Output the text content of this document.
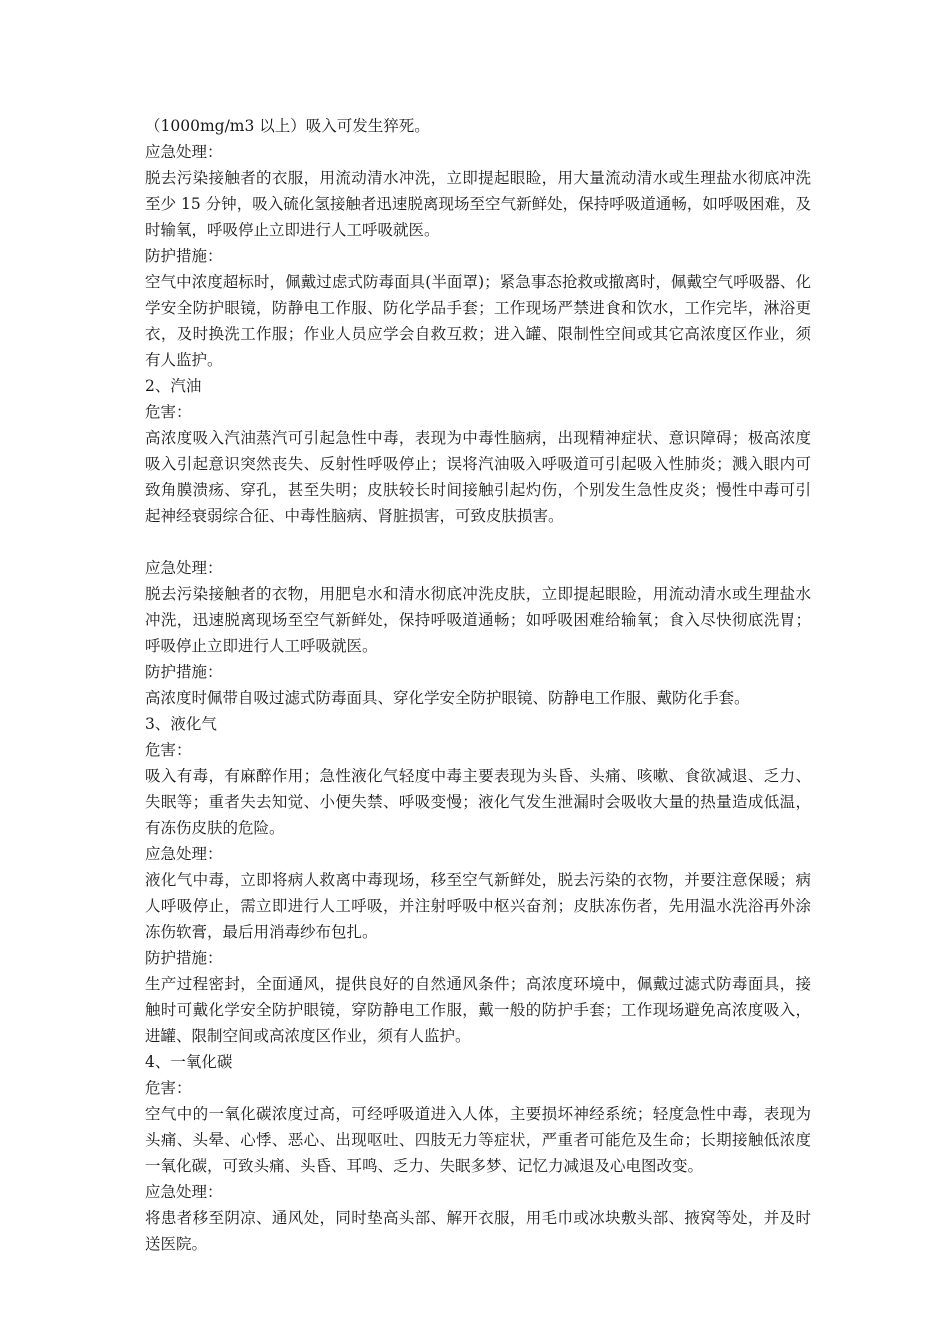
（1000mg/m3 以上）吸入可发生猝死。
应急处理：
脱去污染接触者的衣服，用流动清水冲洗，立即提起眼睑，用大量流动清水或生理盐水彻底冲洗至少 15 分钟，吸入硫化氢接触者迅速脱离现场至空气新鲜处，保持呼吸道通畅，如呼吸困难，及时输氧，呼吸停止立即进行人工呼吸就医。
防护措施：
空气中浓度超标时，佩戴过虑式防毒面具(半面罩)；紧急事态抢救或撤离时，佩戴空气呼吸器、化学安全防护眼镜，防静电工作服、防化学品手套；工作现场严禁进食和饮水，工作完毕，淋浴更衣，及时换洗工作服；作业人员应学会自救互救；进入罐、限制性空间或其它高浓度区作业，须有人监护。
2、汽油
危害：
高浓度吸入汽油蒸汽可引起急性中毒，表现为中毒性脑病，出现精神症状、意识障碍；极高浓度吸入引起意识突然丧失、反射性呼吸停止；误将汽油吸入呼吸道可引起吸入性肺炎；溅入眼内可致角膜溃疡、穿孔，甚至失明；皮肤较长时间接触引起灼伤，个别发生急性皮炎；慢性中毒可引起神经衰弱综合征、中毒性脑病、肾脏损害，可致皮肤损害。
应急处理：
脱去污染接触者的衣物，用肥皂水和清水彻底冲洗皮肤，立即提起眼睑，用流动清水或生理盐水冲洗，迅速脱离现场至空气新鲜处，保持呼吸道通畅；如呼吸困难给输氧；食入尽快彻底洗胃；呼吸停止立即进行人工呼吸就医。
防护措施：
高浓度时佩带自吸过滤式防毒面具、穿化学安全防护眼镜、防静电工作服、戴防化手套。
3、液化气
危害：
吸入有毒，有麻醉作用；急性液化气轻度中毒主要表现为头昏、头痛、咳嗽、食欲减退、乏力、失眠等；重者失去知觉、小便失禁、呼吸变慢；液化气发生泄漏时会吸收大量的热量造成低温，有冻伤皮肤的危险。
应急处理：
液化气中毒，立即将病人救离中毒现场，移至空气新鲜处，脱去污染的衣物，并要注意保暖；病人呼吸停止，需立即进行人工呼吸，并注射呼吸中枢兴奋剂；皮肤冻伤者，先用温水洗浴再外涂冻伤软膏，最后用消毒纱布包扎。
防护措施：
生产过程密封，全面通风，提供良好的自然通风条件；高浓度环境中，佩戴过滤式防毒面具，接触时可戴化学安全防护眼镜，穿防静电工作服，戴一般的防护手套；工作现场避免高浓度吸入，进罐、限制空间或高浓度区作业，须有人监护。
4、一氧化碳
危害：
空气中的一氧化碳浓度过高，可经呼吸道进入人体，主要损坏神经系统；轻度急性中毒，表现为头痛、头晕、心悸、恶心、出现呕吐、四肢无力等症状，严重者可能危及生命；长期接触低浓度一氧化碳，可致头痛、头昏、耳鸣、乏力、失眠多梦、记忆力减退及心电图改变。
应急处理：
将患者移至阴凉、通风处，同时垫高头部、解开衣服，用毛巾或冰块敷头部、掖窝等处，并及时送医院。
